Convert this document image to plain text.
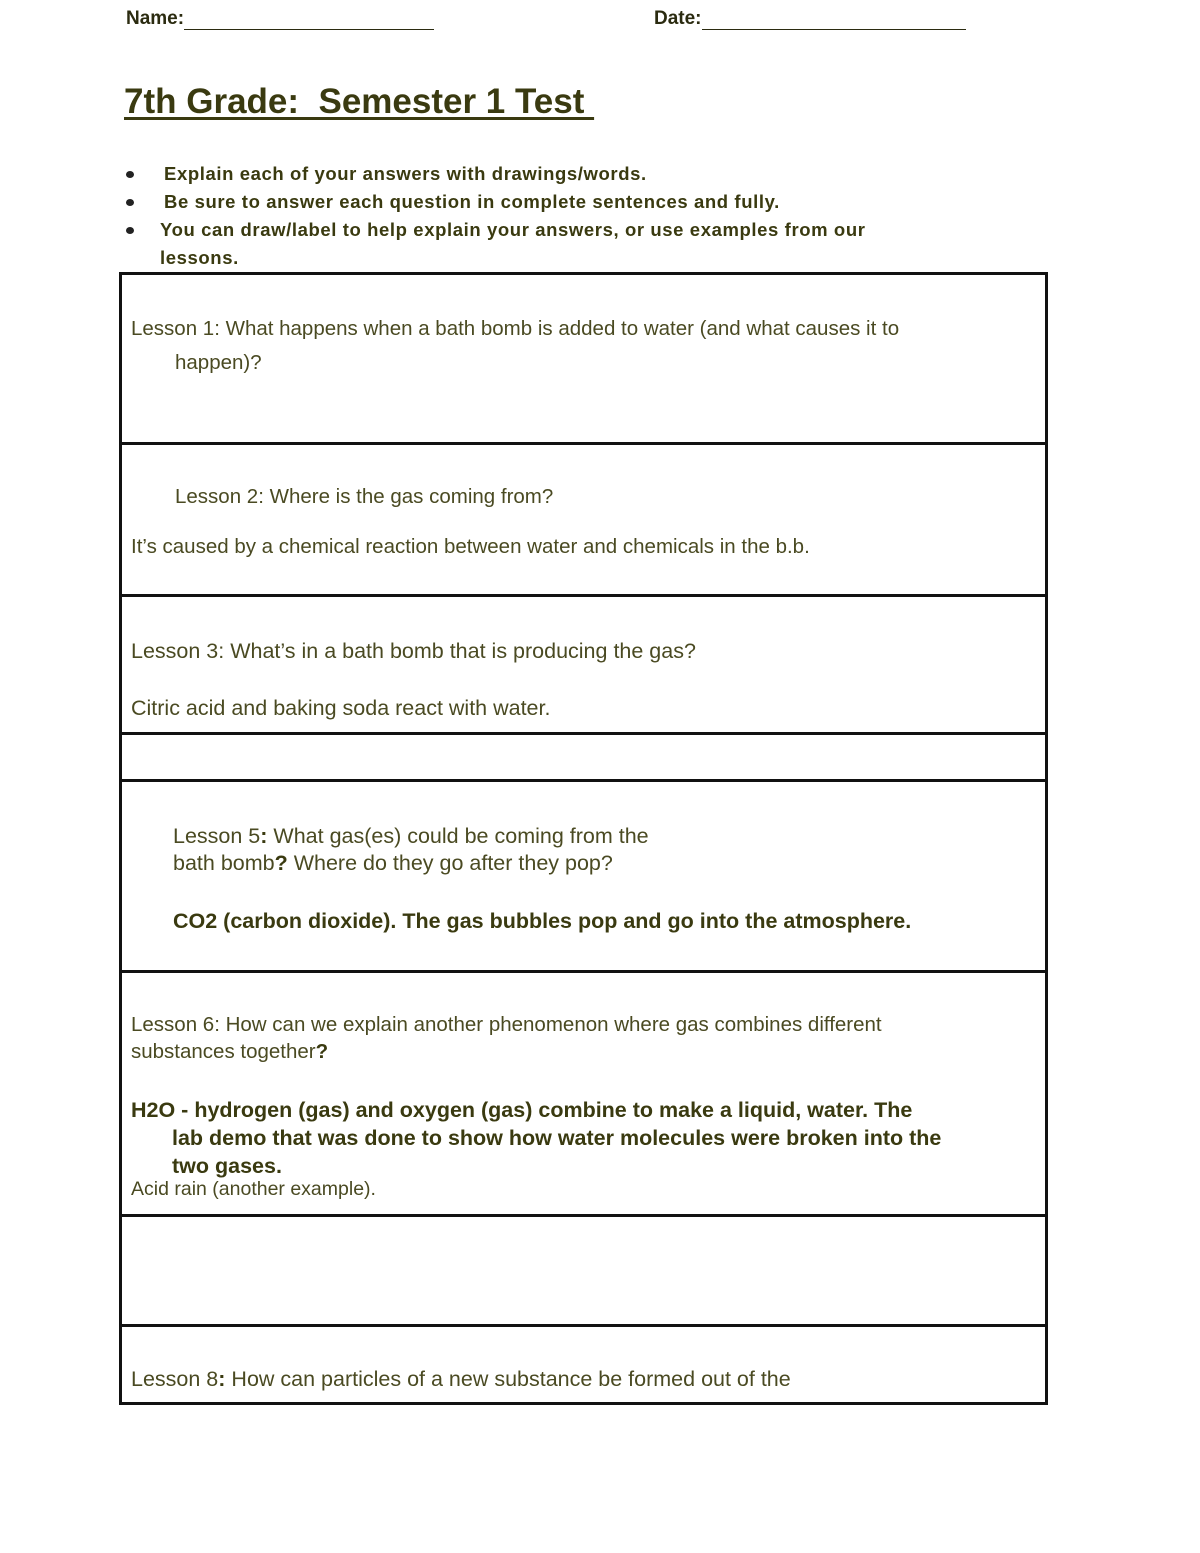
Name:	Date:
7th Grade:  Semester 1 Test
Explain each of your answers with drawings/words.
Be sure to answer each question in complete sentences and fully.
You can draw/label to help explain your answers, or use examples from our lessons.
Lesson 1: What happens when a bath bomb is added to water (and what causes it to
happen)?
Lesson 2: Where is the gas coming from?
It’s caused by a chemical reaction between water and chemicals in the b.b.
Lesson 3: What’s in a bath bomb that is producing the gas?
Citric acid and baking soda react with water.
Lesson 5: What gas(es) could be coming from the
bath bomb? Where do they go after they pop?
CO2 (carbon dioxide). The gas bubbles pop and go into the atmosphere.
Lesson 6: How can we explain another phenomenon where gas combines different
substances together?
H2O - hydrogen (gas) and oxygen (gas) combine to make a liquid, water. The
lab demo that was done to show how water molecules were broken into the
two gases.
Acid rain (another example).
Lesson 8: How can particles of a new substance be formed out of the
